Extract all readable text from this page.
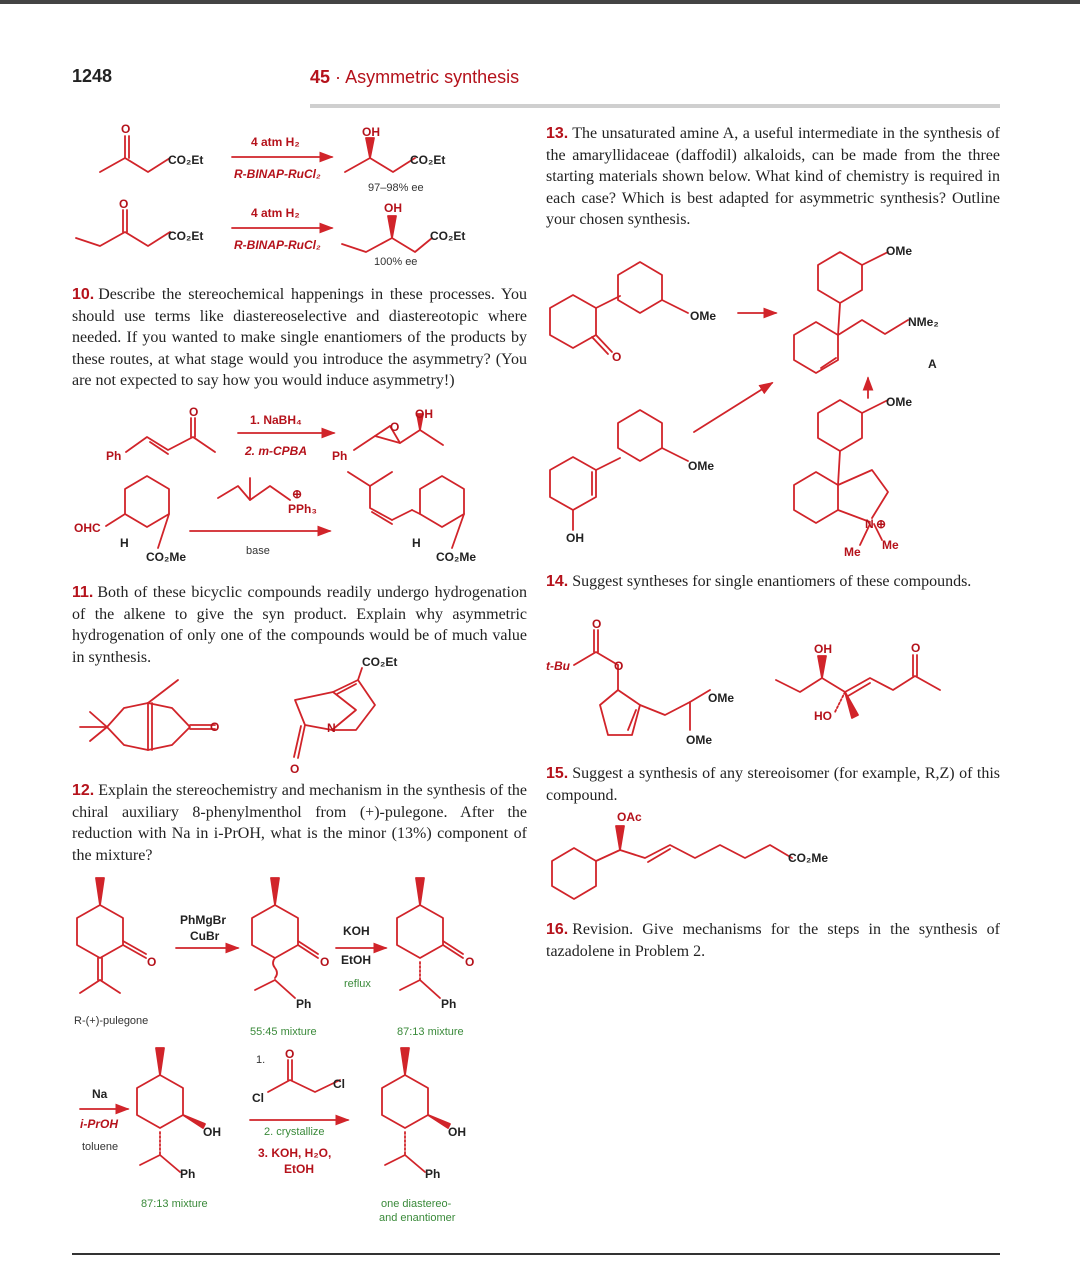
1248	45 · Asymmetric synthesis
10. Describe the stereochemical happenings in these processes. You should use terms like diastereoselective and diastereotopic where needed. If you wanted to make single enantiomers of the products by these routes, at what stage would you introduce the asymmetry? (You are not expected to say how you would induce asymmetry!)
11. Both of these bicyclic compounds readily undergo hydrogenation of the alkene to give the syn product. Explain why asymmetric hydrogenation of only one of the compounds would be of much value in synthesis.
12. Explain the stereochemistry and mechanism in the synthesis of the chiral auxiliary 8-phenylmenthol from (+)-pulegone. After the reduction with Na in i-PrOH, what is the minor (13%) component of the mixture?
13. The unsaturated amine A, a useful intermediate in the synthesis of the amaryllidaceae (daffodil) alkaloids, can be made from the three starting materials shown below. What kind of chemistry is required in each case? Which is best adapted for asymmetric synthesis? Outline your chosen synthesis.
14. Suggest syntheses for single enantiomers of these compounds.
15. Suggest a synthesis of any stereoisomer (for example, R,Z) of this compound.
16. Revision. Give mechanisms for the steps in the synthesis of tazadolene in Problem 2.
O
CO₂Et
4 atm H₂
R-BINAP-RuCl₂
OH
CO₂Et
97–98% ee
O
CO₂Et
4 atm H₂
R-BINAP-RuCl₂
OH
CO₂Et
100% ee
Ph
O
1. NaBH₄
2. m-CPBA Ph
O
OH
OHC
H
CO₂Me
⊕
PPh₃
base
H
CO₂Me
O
CO₂Et
N
O
O
R-(+)-pulegone
PhMgBr
CuBr
O
Ph
55:45 mixture
KOH
EtOH
reflux
O
Ph
87:13 mixture
Na
i-PrOH
toluene
OH
Ph
87:13 mixture
1. O
Cl
Cl
2. crystallize
3. KOH, H₂O,
EtOH
OH
Ph
one diastereo-
and enantiomer
O
OMe
OMe
NMe₂
A
OMe
OH
OMe
N ⊕
Me Me
t-Bu
O
O
OMe
OMe
OH
HO
O
OAc
CO₂Me
